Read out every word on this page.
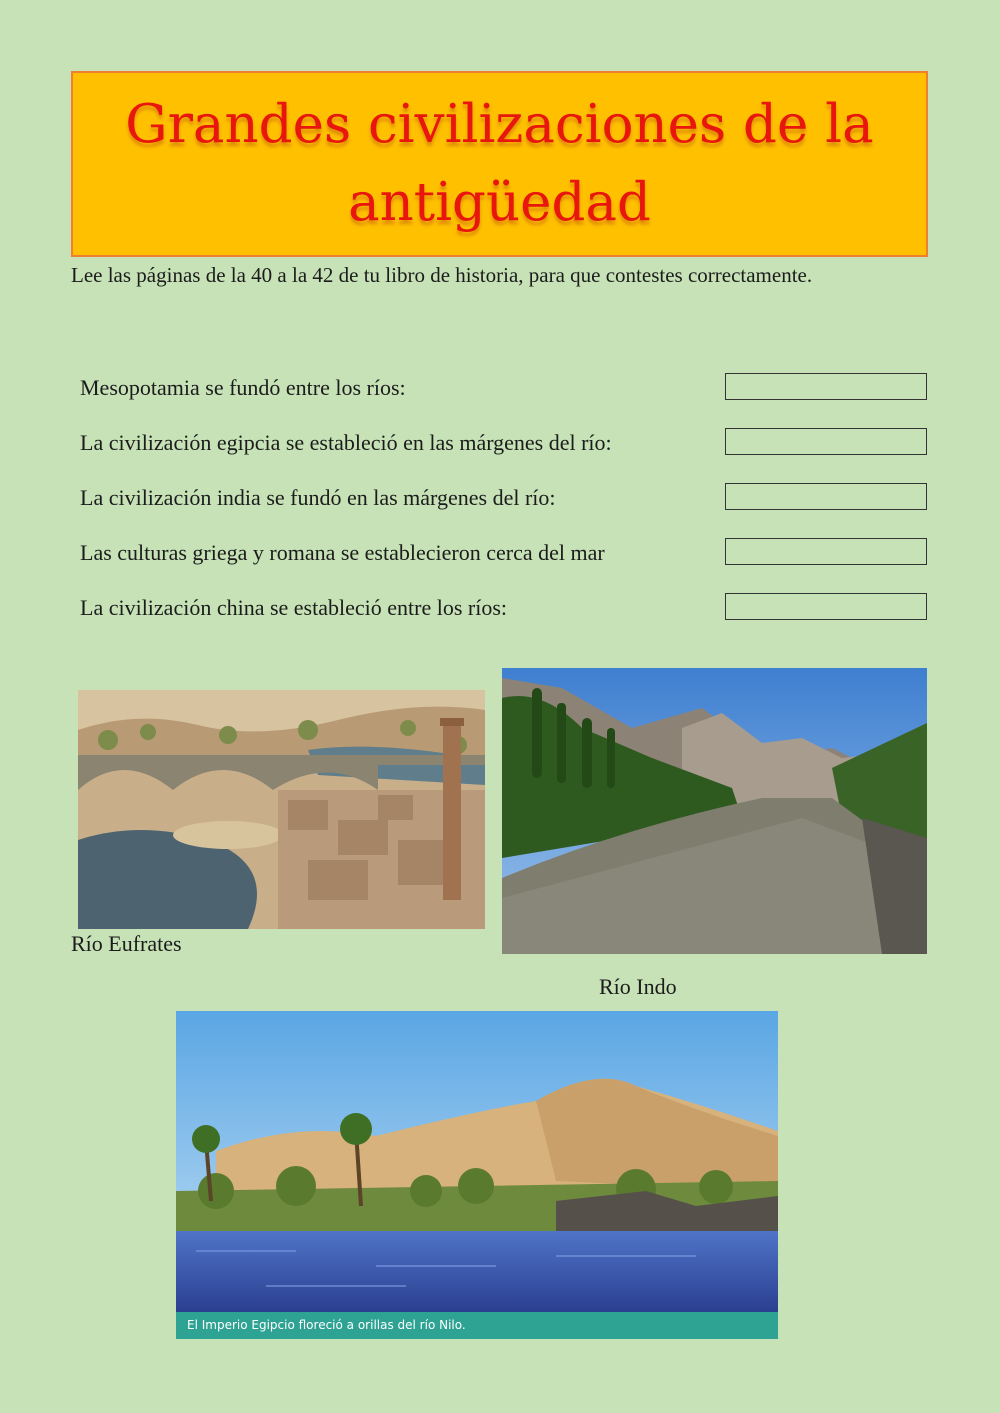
Grandes civilizaciones de la antigüedad
Lee las páginas de la 40 a la 42 de tu libro de historia, para que contestes correctamente.
Mesopotamia se fundó entre los ríos:
La civilización egipcia se estableció en las márgenes del río:
La civilización india se fundó en las márgenes del río:
Las culturas griega y romana se establecieron cerca del mar
La civilización china se estableció entre los ríos:
Río Eufrates
Río Indo
El Imperio Egipcio floreció a orillas del río Nilo.
